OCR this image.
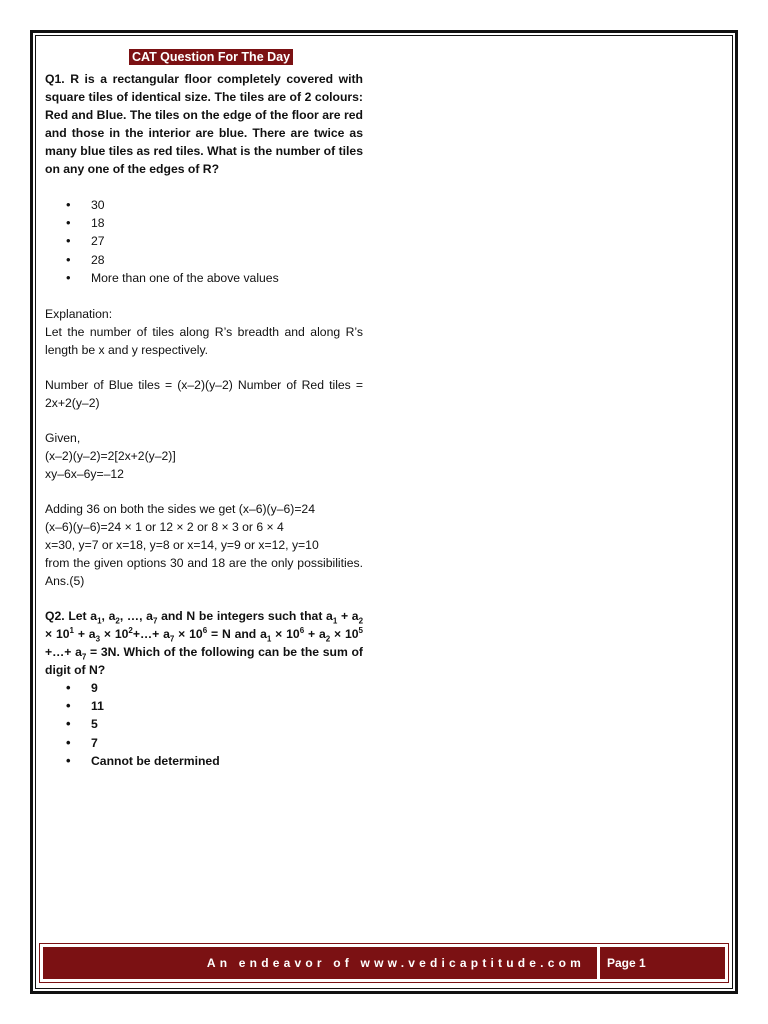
CAT Question For The Day

Q1. R is a rectangular floor completely covered with square tiles of identical size. The tiles are of 2 colours: Red and Blue. The tiles on the edge of the floor are red and those in the interior are blue. There are twice as many blue tiles as red tiles. What is the number of tiles on any one of the edges of R?

• 30
• 18
• 27
• 28
• More than one of the above values

Explanation:

Let the number of tiles along R’s breadth and along R’s length be x and y respectively.

Number of Blue tiles = (x–2)(y–2) Number of Red tiles = 2x+2(y–2)

Given,

(x–2)(y–2)=2[2x+2(y–2)]

xy–6x–6y=–12

Adding 36 on both the sides we get (x–6)(y–6)=24

(x–6)(y–6)=24 × 1 or 12 × 2 or 8 × 3 or 6 × 4

x=30, y=7 or x=18, y=8 or x=14, y=9 or x=12, y=10

from the given options 30 and 18 are the only possibilities. Ans.(5)

Q2. Let $a_1$, $a_2$, …, $a_7$ and N be integers such that $a_1 + a_2 \times 10^1 + a_3$ × $10^2+\dots+ a_7 \times 10^6 = N$ and $a_1 \times 10^6 + a_2 \times 10^5$ +…+ $a_7 = 3N$. Which of the following can be the sum of digit of N?

• 9
• 11
• 5
• 7
• Cannot be determined
An endeavor of www.vedicaptitude.com	Page 1
